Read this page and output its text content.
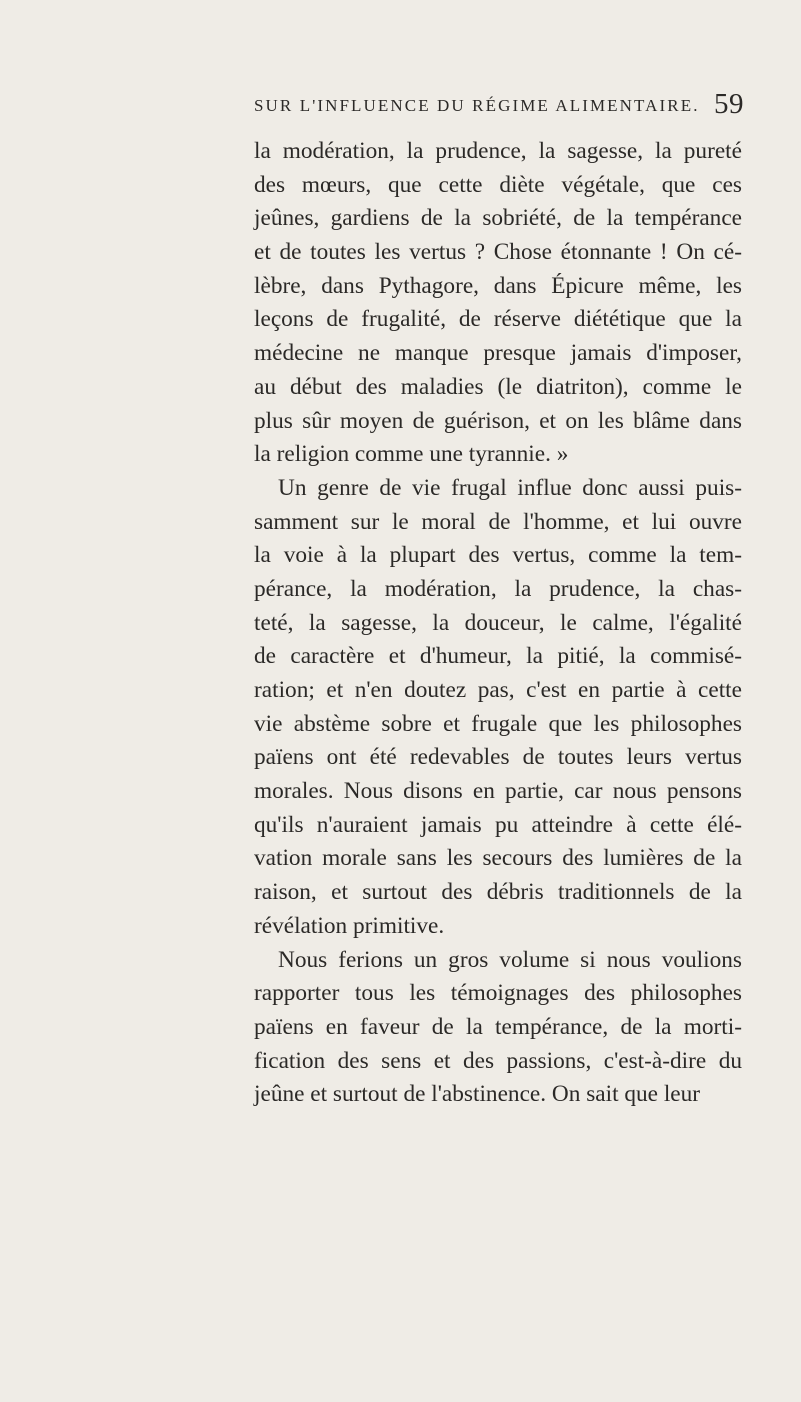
SUR L'INFLUENCE DU RÉGIME ALIMENTAIRE. 59
la modération, la prudence, la sagesse, la pureté
des mœurs, que cette diète végétale, que ces
jeûnes, gardiens de la sobriété, de la tempérance
et de toutes les vertus ? Chose étonnante ! On cé-
lèbre, dans Pythagore, dans Épicure même, les
leçons de frugalité, de réserve diététique que la
médecine ne manque presque jamais d'imposer,
au début des maladies (le diatriton), comme le
plus sûr moyen de guérison, et on les blâme dans
la religion comme une tyrannie. »
Un genre de vie frugal influe donc aussi puis-
samment sur le moral de l'homme, et lui ouvre
la voie à la plupart des vertus, comme la tem-
pérance, la modération, la prudence, la chas-
teté, la sagesse, la douceur, le calme, l'égalité
de caractère et d'humeur, la pitié, la commisé-
ration; et n'en doutez pas, c'est en partie à cette
vie abstème sobre et frugale que les philosophes
païens ont été redevables de toutes leurs vertus
morales. Nous disons en partie, car nous pensons
qu'ils n'auraient jamais pu atteindre à cette élé-
vation morale sans les secours des lumières de la
raison, et surtout des débris traditionnels de la
révélation primitive.
Nous ferions un gros volume si nous voulions
rapporter tous les témoignages des philosophes
païens en faveur de la tempérance, de la morti-
fication des sens et des passions, c'est-à-dire du
jeûne et surtout de l'abstinence. On sait que leur
